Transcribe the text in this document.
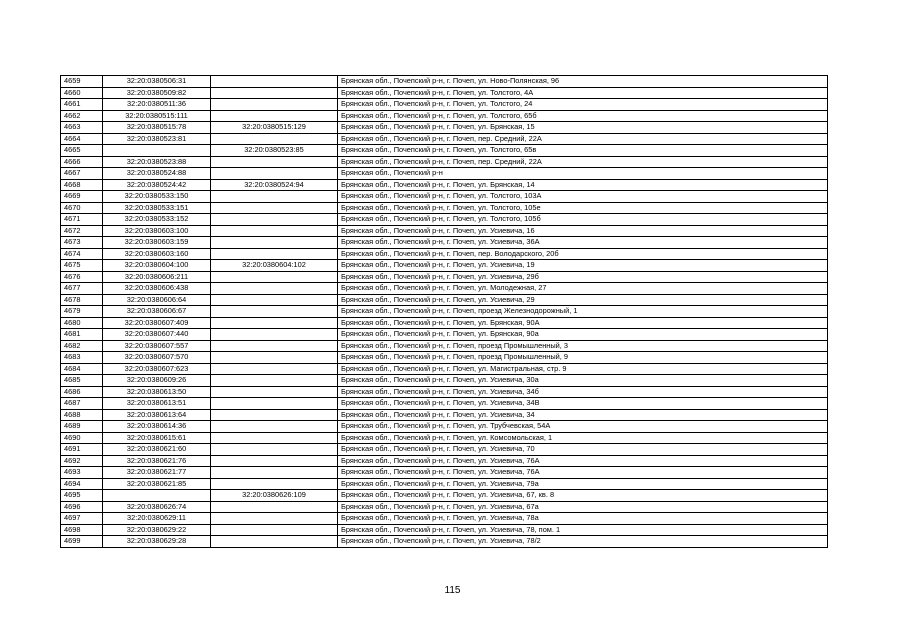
4659	32:20:0380506:31		Брянская обл., Почепский р-н, г. Почеп, ул. Ново-Полянская, 96
4660	32:20:0380509:82		Брянская обл., Почепский р-н, г. Почеп, ул. Толстого, 4А
4661	32:20:0380511:36		Брянская обл., Почепский р-н, г. Почеп, ул. Толстого, 24
4662	32:20:0380515:111		Брянская обл., Почепский р-н, г. Почеп, ул. Толстого, 65б
4663	32:20:0380515:78	32:20:0380515:129	Брянская обл., Почепский р-н, г. Почеп, ул. Брянская, 15
4664	32:20:0380523:81		Брянская обл., Почепский р-н, г. Почеп, пер. Средний, 22А
4665		32:20:0380523:85	Брянская обл., Почепский р-н, г. Почеп, ул. Толстого, 65в
4666	32:20:0380523:88		Брянская обл., Почепский р-н, г. Почеп, пер. Средний, 22А
4667	32:20:0380524:88		Брянская обл., Почепский р-н
4668	32:20:0380524:42	32:20:0380524:94	Брянская обл., Почепский р-н, г. Почеп, ул. Брянская, 14
4669	32:20:0380533:150		Брянская обл., Почепский р-н, г. Почеп, ул. Толстого, 103А
4670	32:20:0380533:151		Брянская обл., Почепский р-н, г. Почеп, ул. Толстого, 105е
4671	32:20:0380533:152		Брянская обл., Почепский р-н, г. Почеп, ул. Толстого, 105б
4672	32:20:0380603:100		Брянская обл., Почепский р-н, г. Почеп, ул. Усиевича, 16
4673	32:20:0380603:159		Брянская обл., Почепский р-н, г. Почеп, ул. Усиевича, 36А
4674	32:20:0380603:160		Брянская обл., Почепский р-н, г. Почеп, пер. Володарского, 20б
4675	32:20:0380604:100	32:20:0380604:102	Брянская обл., Почепский р-н, г. Почеп, ул. Усиевича, 19
4676	32:20:0380606:211		Брянская обл., Почепский р-н, г. Почеп, ул. Усиевича, 29б
4677	32:20:0380606:438		Брянская обл., Почепский р-н, г. Почеп, ул. Молодежная, 27
4678	32:20:0380606:64		Брянская обл., Почепский р-н, г. Почеп, ул. Усиевича, 29
4679	32:20:0380606:67		Брянская обл., Почепский р-н, г. Почеп, проезд Железнодорожный, 1
4680	32:20:0380607:409		Брянская обл., Почепский р-н, г. Почеп, ул. Брянская, 90А
4681	32:20:0380607:440		Брянская обл., Почепский р-н, г. Почеп, ул. Брянская, 90а
4682	32:20:0380607:557		Брянская обл., Почепский р-н, г. Почеп, проезд Промышленный, 3
4683	32:20:0380607:570		Брянская обл., Почепский р-н, г. Почеп, проезд Промышленный, 9
4684	32:20:0380607:623		Брянская обл., Почепский р-н, г. Почеп, ул. Магистральная, стр. 9
4685	32:20:0380609:26		Брянская обл., Почепский р-н, г. Почеп, ул. Усиевича, 30а
4686	32:20:0380613:50		Брянская обл., Почепский р-н, г. Почеп, ул. Усиевича, 34б
4687	32:20:0380613:51		Брянская обл., Почепский р-н, г. Почеп, ул. Усиевича, 34В
4688	32:20:0380613:64		Брянская обл., Почепский р-н, г. Почеп, ул. Усиевича, 34
4689	32:20:0380614:36		Брянская обл., Почепский р-н, г. Почеп, ул. Трубчевская, 54А
4690	32:20:0380615:61		Брянская обл., Почепский р-н, г. Почеп, ул. Комсомольская, 1
4691	32:20:0380621:60		Брянская обл., Почепский р-н, г. Почеп, ул. Усиевича, 70
4692	32:20:0380621:76		Брянская обл., Почепский р-н, г. Почеп, ул. Усиевича, 76А
4693	32:20:0380621:77		Брянская обл., Почепский р-н, г. Почеп, ул. Усиевича, 76А
4694	32:20:0380621:85		Брянская обл., Почепский р-н, г. Почеп, ул. Усиевича, 79а
4695		32:20:0380626:109	Брянская обл., Почепский р-н, г. Почеп, ул. Усиевича, 67, кв. 8
4696	32:20:0380626:74		Брянская обл., Почепский р-н, г. Почеп, ул. Усиевича, 67а
4697	32:20:0380629:11		Брянская обл., Почепский р-н, г. Почеп, ул. Усиевича, 78а
4698	32:20:0380629:22		Брянская обл., Почепский р-н, г. Почеп, ул. Усиевича, 78, пом. 1
4699	32:20:0380629:28		Брянская обл., Почепский р-н, г. Почеп, ул. Усиевича, 78/2
115
